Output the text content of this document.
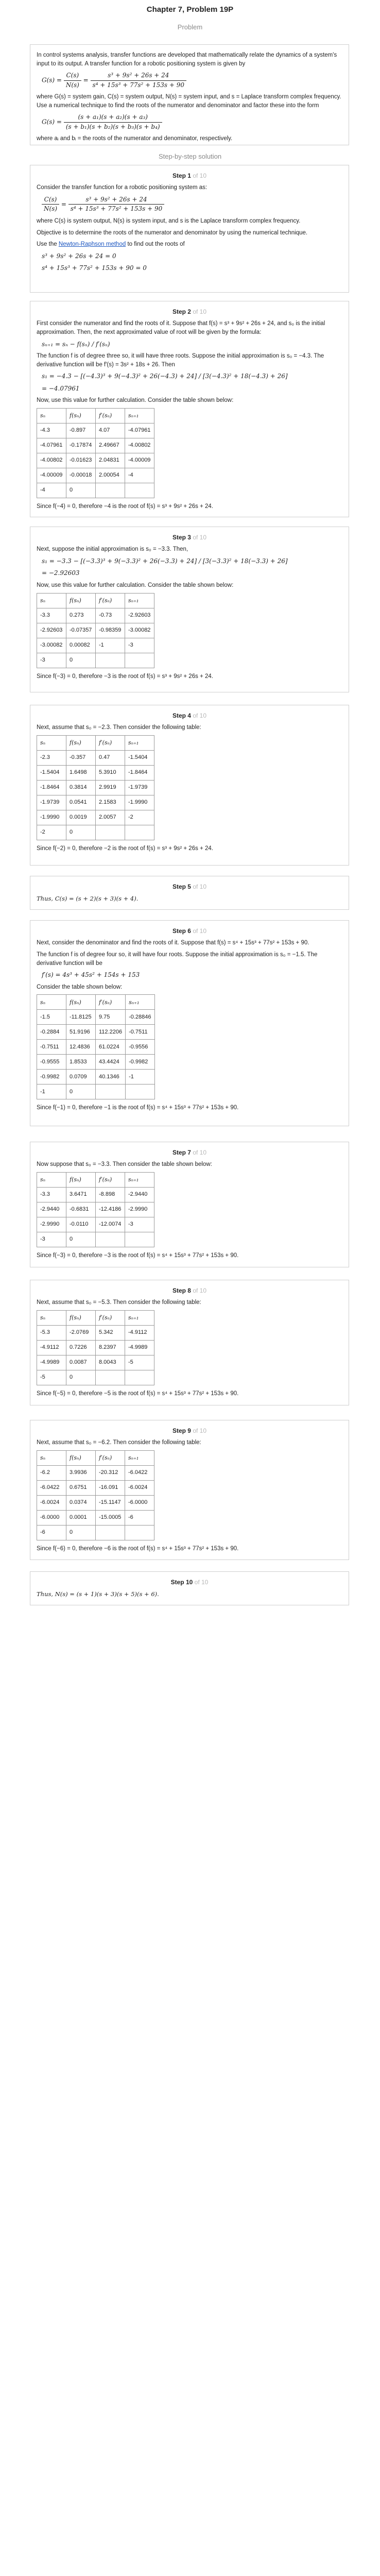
Chapter 7, Problem 19P
Problem

In control systems analysis, transfer functions are developed that mathematically relate the dynamics of a system's input to its output. A transfer function for a robotic positioning system is given by

$G(s) = \frac{C(s)}{N(s)} = \frac{\text{s³ + 9s² + 26s + 24}}{\text{s⁴ + 15s³ + 77s² + 153s + 90}}$

where G(s) = system gain, C(s) = system output, N(s) = system input, and s = Laplace transform complex frequency. Use a numerical technique to find the roots of the numerator and denominator and factor these into the form

$G(s) = \frac{\text{(s + a₁)(s + a₂)(s + a₃)}}{\text{(s + b₁)(s + b₂)(s + b₃)(s + b₄)}}$

where aᵢ and bᵢ = the roots of the numerator and denominator, respectively.

Step-by-step solution
Step 1 of 10

Consider the transfer function for a robotic positioning system as:

$\frac{C(s)}{N(s)} = \frac{\text{s³ + 9s² + 26s + 24}}{\text{s⁴ + 15s³ + 77s² + 153s + 90}}$

where C(s) is system output, N(s) is system input, and s is the Laplace transform complex frequency.

Objective is to determine the roots of the numerator and denominator by using the numerical technique.

Use the Newton-Raphson method to find out the roots of

s³ + 9s² + 26s + 24 = 0
s⁴ + 15s³ + 77s² + 153s + 90 = 0
Step 2 of 10

First consider the numerator and find the roots of it. Suppose that f(s) = s³ + 9s² + 26s + 24, and s₀ is the initial approximation. Then, the next approximated value of root will be given by the formula:

sₙ₊₁ = sₙ − f(sₙ) / f′(sₙ)

The function f is of degree three so, it will have three roots. Suppose the initial approximation is s₀ = −4.3. The derivative function will be f′(s) = 3s² + 18s + 26. Then

s₁ = −4.3 − [(−4.3)³ + 9(−4.3)² + 26(−4.3) + 24] / [3(−4.3)² + 18(−4.3) + 26]
= −4.07961

Now, use this value for further calculation. Consider the table shown below:

sₙ	f(sₙ)	f′(sₙ)	sₙ₊₁
-4.3	-0.897	4.07	-4.07961
-4.07961	-0.17874	2.49667	-4.00802
-4.00802	-0.01623	2.04831	-4.00009
-4.00009	-0.00018	2.00054	-4
-4	0		

Since f(−4) = 0, therefore −4 is the root of f(s) = s³ + 9s² + 26s + 24.

Step 3 of 10

Next, suppose the initial approximation is s₀ = −3.3. Then,

s₁ = −3.3 − [(−3.3)³ + 9(−3.3)² + 26(−3.3) + 24] / [3(−3.3)² + 18(−3.3) + 26]
= −2.92603

Now, use this value for further calculation. Consider the table shown below:

sₙ	f(sₙ)	f′(sₙ)	sₙ₊₁
-3.3	0.273	-0.73	-2.92603
-2.92603	-0.07357	-0.98359	-3.00082
-3.00082	0.00082	-1	-3
-3	0		

Since f(−3) = 0, therefore −3 is the root of f(s) = s³ + 9s² + 26s + 24.

Step 4 of 10

Next, assume that s₀ = −2.3. Then consider the following table:

sₙ	f(sₙ)	f′(sₙ)	sₙ₊₁
-2.3	-0.357	0.47	-1.5404
-1.5404	1.6498	5.3910	-1.8464
-1.8464	0.3814	2.9919	-1.9739
-1.9739	0.0541	2.1583	-1.9990
-1.9990	0.0019	2.0057	-2
-2	0		

Since f(−2) = 0, therefore −2 is the root of f(s) = s³ + 9s² + 26s + 24.

Step 5 of 10

Thus, C(s) = (s + 2)(s + 3)(s + 4).

Step 6 of 10

Next, consider the denominator and find the roots of it. Suppose that f(s) = s⁴ + 15s³ + 77s² + 153s + 90.

The function f is of degree four so, it will have four roots. Suppose the initial approximation is s₀ = −1.5. The derivative function will be

f′(s) = 4s³ + 45s² + 154s + 153

Consider the table shown below:

sₙ	f(sₙ)	f′(sₙ)	sₙ₊₁
-1.5	-11.8125	9.75	-0.28846
-0.2884	51.9196	112.2206	-0.7511
-0.7511	12.4836	61.0224	-0.9556
-0.9555	1.8533	43.4424	-0.9982
-0.9982	0.0709	40.1346	-1
-1	0		

Since f(−1) = 0, therefore −1 is the root of f(s) = s⁴ + 15s³ + 77s² + 153s + 90.

Step 7 of 10

Now suppose that s₀ = −3.3. Then consider the table shown below:

sₙ	f(sₙ)	f′(sₙ)	sₙ₊₁
-3.3	3.6471	-8.898	-2.9440
-2.9440	-0.6831	-12.4186	-2.9990
-2.9990	-0.0110	-12.0074	-3
-3	0		

Since f(−3) = 0, therefore −3 is the root of f(s) = s⁴ + 15s³ + 77s² + 153s + 90.

Step 8 of 10

Next, assume that s₀ = −5.3. Then consider the following table:

sₙ	f(sₙ)	f′(sₙ)	sₙ₊₁
-5.3	-2.0769	5.342	-4.9112
-4.9112	0.7226	8.2397	-4.9989
-4.9989	0.0087	8.0043	-5
-5	0		

Since f(−5) = 0, therefore −5 is the root of f(s) = s⁴ + 15s³ + 77s² + 153s + 90.

Step 9 of 10

Next, assume that s₀ = −6.2. Then consider the following table:

sₙ	f(sₙ)	f′(sₙ)	sₙ₊₁
-6.2	3.9936	-20.312	-6.0422
-6.0422	0.6751	-16.091	-6.0024
-6.0024	0.0374	-15.1147	-6.0000
-6.0000	0.0001	-15.0005	-6
-6	0		

Since f(−6) = 0, therefore −6 is the root of f(s) = s⁴ + 15s³ + 77s² + 153s + 90.

Step 10 of 10

Thus, N(s) = (s + 1)(s + 3)(s + 5)(s + 6).
